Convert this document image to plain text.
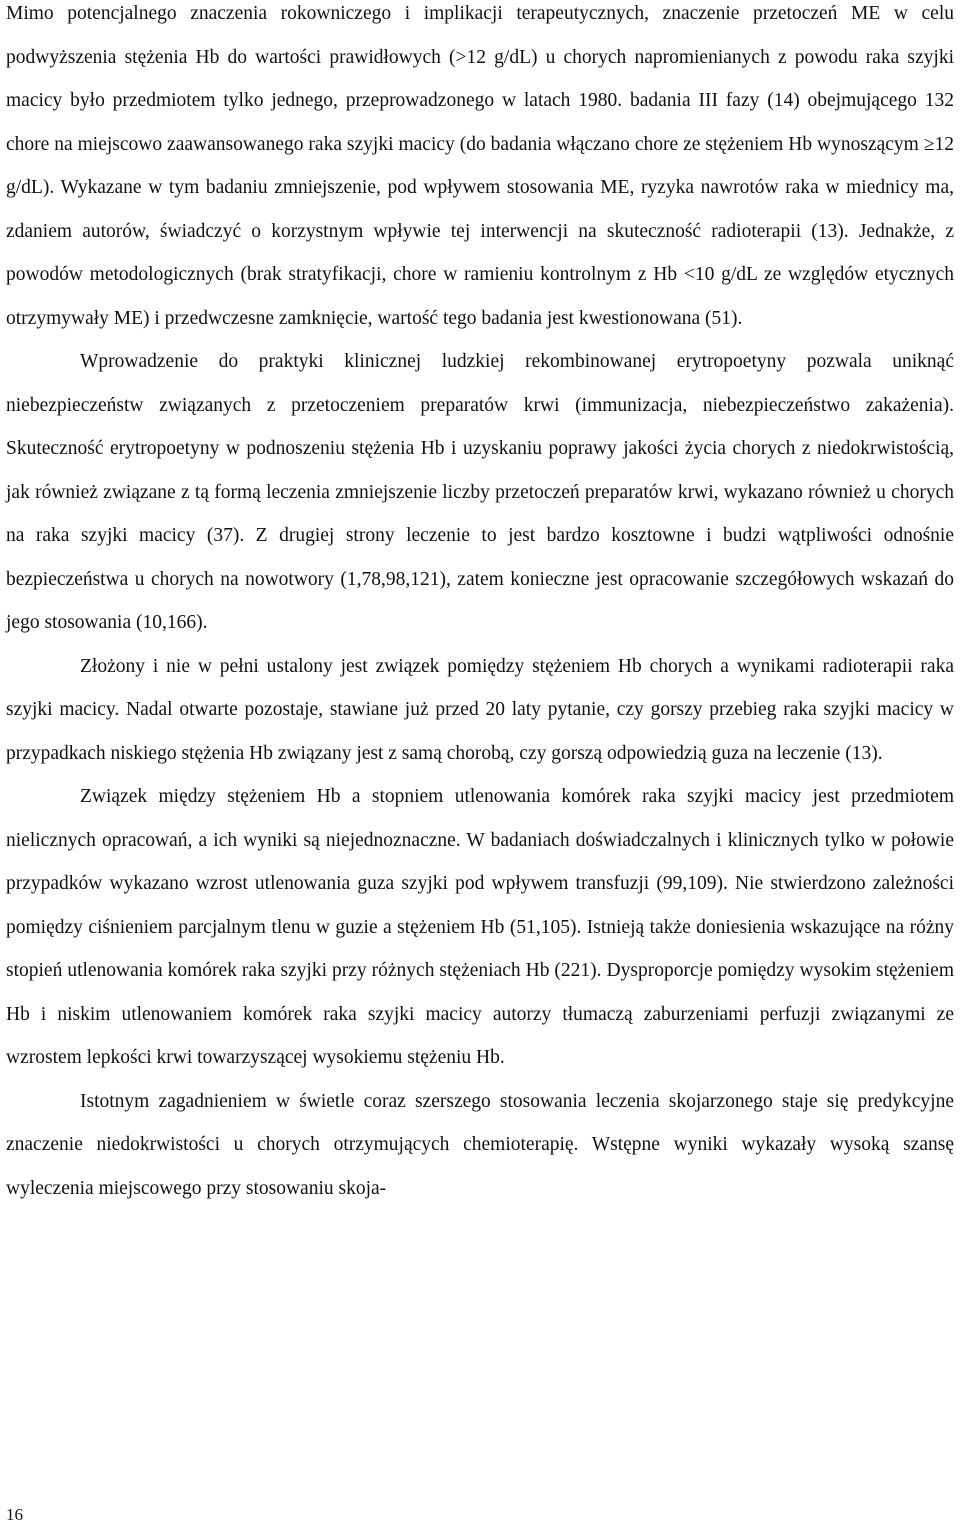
Mimo potencjalnego znaczenia rokowniczego i implikacji terapeutycznych, znaczenie przetoczeń ME w celu podwyższenia stężenia Hb do wartości prawidłowych (>12 g/dL) u chorych napromienianych z powodu raka szyjki macicy było przedmiotem tylko jednego, przeprowadzonego w latach 1980. badania III fazy (14) obejmującego 132 chore na miejscowo zaawansowanego raka szyjki macicy (do badania włączano chore ze stężeniem Hb wynoszącym ≥12 g/dL). Wykazane w tym badaniu zmniejszenie, pod wpływem stosowania ME, ryzyka nawrotów raka w miednicy ma, zdaniem autorów, świadczyć o korzystnym wpływie tej interwencji na skuteczność radioterapii (13). Jednakże, z powodów metodologicznych (brak stratyfikacji, chore w ramieniu kontrolnym z Hb <10 g/dL ze względów etycznych otrzymywały ME) i przedwczesne zamknięcie, wartość tego badania jest kwestionowana (51).

Wprowadzenie do praktyki klinicznej ludzkiej rekombinowanej erytropoetyny pozwala uniknąć niebezpieczeństw związanych z przetoczeniem preparatów krwi (immunizacja, niebezpieczeństwo zakażenia). Skuteczność erytropoetyny w podnoszeniu stężenia Hb i uzyskaniu poprawy jakości życia chorych z niedokrwistością, jak również związane z tą formą leczenia zmniejszenie liczby przetoczeń preparatów krwi, wykazano również u chorych na raka szyjki macicy (37). Z drugiej strony leczenie to jest bardzo kosztowne i budzi wątpliwości odnośnie bezpieczeństwa u chorych na nowotwory (1,78,98,121), zatem konieczne jest opracowanie szczegółowych wskazań do jego stosowania (10,166).

Złożony i nie w pełni ustalony jest związek pomiędzy stężeniem Hb chorych a wynikami radioterapii raka szyjki macicy. Nadal otwarte pozostaje, stawiane już przed 20 laty pytanie, czy gorszy przebieg raka szyjki macicy w przypadkach niskiego stężenia Hb związany jest z samą chorobą, czy gorszą odpowiedzią guza na leczenie (13).

Związek między stężeniem Hb a stopniem utlenowania komórek raka szyjki macicy jest przedmiotem nielicznych opracowań, a ich wyniki są niejednoznaczne. W badaniach doświadczalnych i klinicznych tylko w połowie przypadków wykazano wzrost utlenowania guza szyjki pod wpływem transfuzji (99,109). Nie stwierdzono zależności pomiędzy ciśnieniem parcjalnym tlenu w guzie a stężeniem Hb (51,105). Istnieją także doniesienia wskazujące na różny stopień utlenowania komórek raka szyjki przy różnych stężeniach Hb (221). Dysproporcje pomiędzy wysokim stężeniem Hb i niskim utlenowaniem komórek raka szyjki macicy autorzy tłumaczą zaburzeniami perfuzji związanymi ze wzrostem lepkości krwi towarzyszącej wysokiemu stężeniu Hb.

Istotnym zagadnieniem w świetle coraz szerszego stosowania leczenia skojarzonego staje się predykcyjne znaczenie niedokrwistości u chorych otrzymujących chemioterapię. Wstępne wyniki wykazały wysoką szansę wyleczenia miejscowego przy stosowaniu skoja-

16
